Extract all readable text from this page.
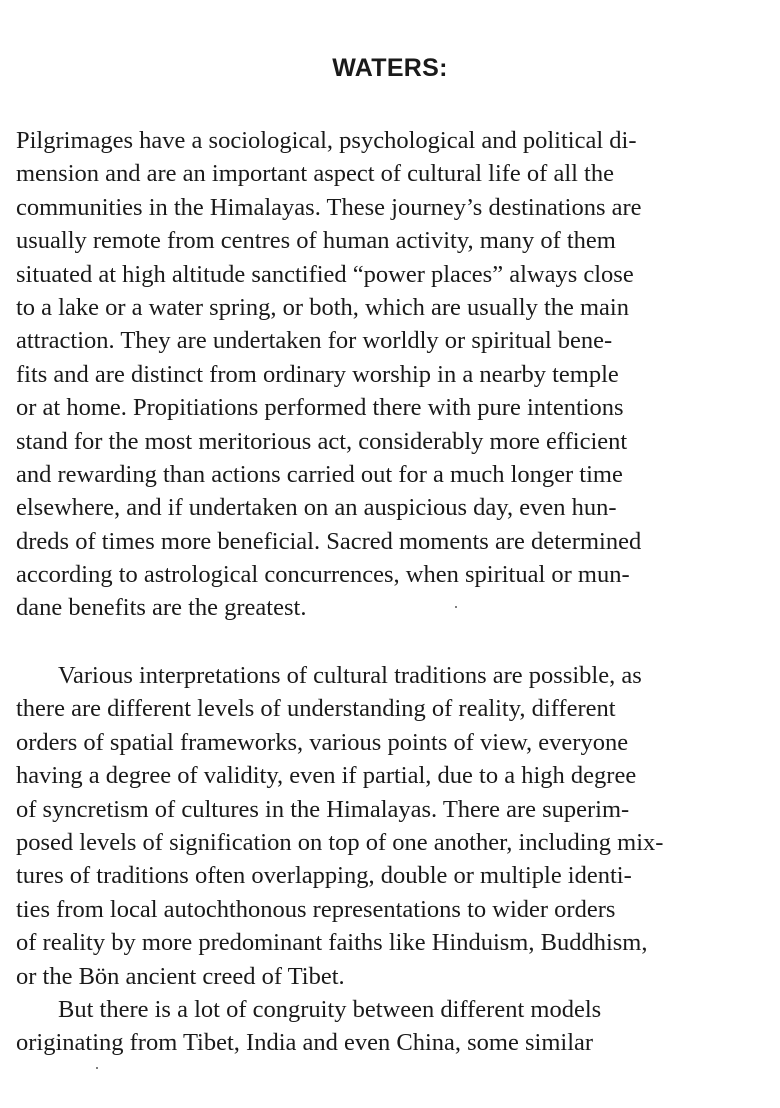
WATERS:
Pilgrimages have a sociological, psychological and political di-
mension and are an important aspect of cultural life of all the
communities in the Himalayas. These journey’s destinations are
usually remote from centres of human activity, many of them
situated at high altitude sanctified “power places” always close
to a lake or a water spring, or both, which are usually the main
attraction. They are undertaken for worldly or spiritual bene-
fits and are distinct from ordinary worship in a nearby temple
or at home. Propitiations performed there with pure intentions
stand for the most meritorious act, considerably more efficient
and rewarding than actions carried out for a much longer time
elsewhere, and if undertaken on an auspicious day, even hun-
dreds of times more beneficial. Sacred moments are determined
according to astrological concurrences, when spiritual or mun-
dane benefits are the greatest.
Various interpretations of cultural traditions are possible, as
there are different levels of understanding of reality, different
orders of spatial frameworks, various points of view, everyone
having a degree of validity, even if partial, due to a high degree
of syncretism of cultures in the Himalayas. There are superim-
posed levels of signification on top of one another, including mix-
tures of traditions often overlapping, double or multiple identi-
ties from local autochthonous representations to wider orders
of reality by more predominant faiths like Hinduism, Buddhism,
or the Bön ancient creed of Tibet.
But there is a lot of congruity between different models
originating from Tibet, India and even China, some similar
